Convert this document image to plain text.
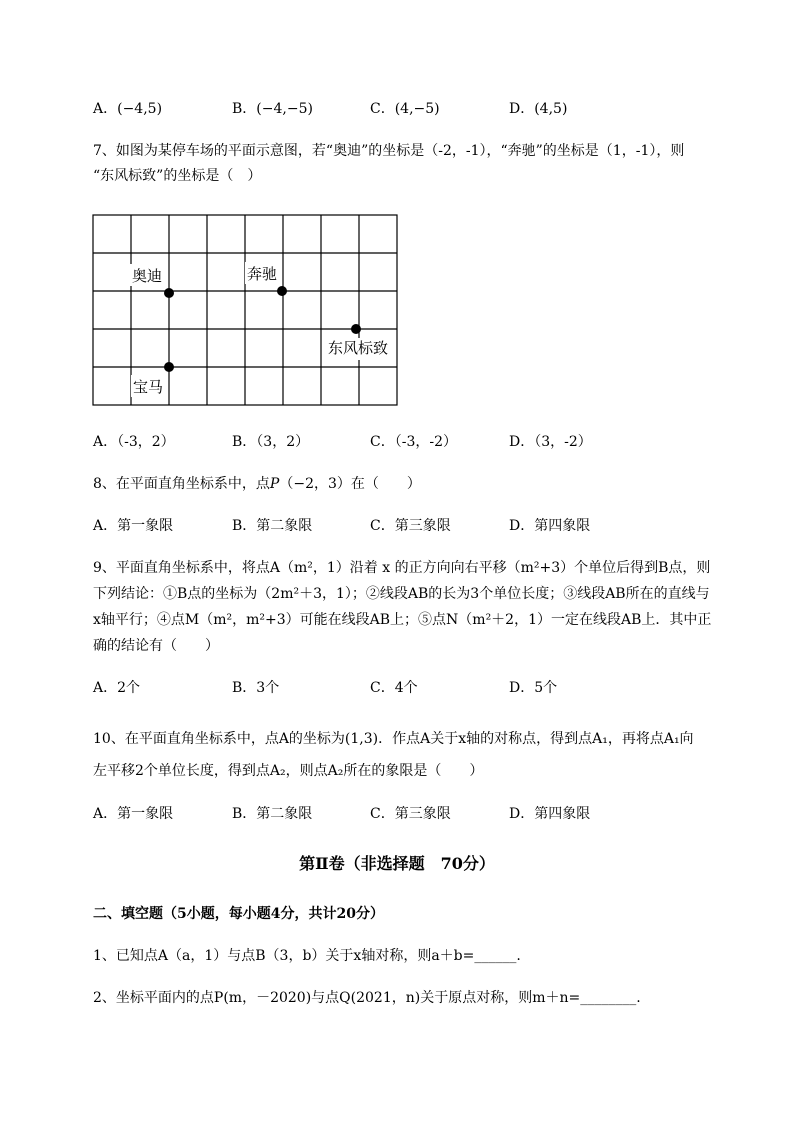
A．(−4,5)	B．(−4,−5)	C．(4,−5)	D．(4,5)
7、如图为某停车场的平面示意图，若“奥迪”的坐标是（-2，-1），“奔驰”的坐标是（1，-1），则
“东风标致”的坐标是（　）
奥迪	奔驰
东风标致
宝马
A．（-3，2）	B．（3，2）	C．（-3，-2）	D．（3，-2）
8、在平面直角坐标系中，点P（−2，3）在（　　）
A．第一象限	B．第二象限	C．第三象限	D．第四象限
9、平面直角坐标系中，将点A（m²，1）沿着 x 的正方向向右平移（m²+3）个单位后得到B点，则
下列结论：①B点的坐标为（2m²＋3，1）；②线段AB的长为3个单位长度；③线段AB所在的直线与
x轴平行；④点M（m²，m²+3）可能在线段AB上；⑤点N（m²＋2，1）一定在线段AB上．其中正
确的结论有（　　）
A．2个	B．3个	C．4个	D．5个
10、在平面直角坐标系中，点A的坐标为(1,3)．作点A关于x轴的对称点，得到点A₁，再将点A₁向
左平移2个单位长度，得到点A₂，则点A₂所在的象限是（　　）
A．第一象限	B．第二象限	C．第三象限	D．第四象限
第Ⅱ卷（非选择题　70分）
二、填空题（5小题，每小题4分，共计20分）
1、已知点A（a，1）与点B（3，b）关于x轴对称，则a＋b=______.
2、坐标平面内的点P(m，－2020)与点Q(2021，n)关于原点对称，则m＋n=________.
